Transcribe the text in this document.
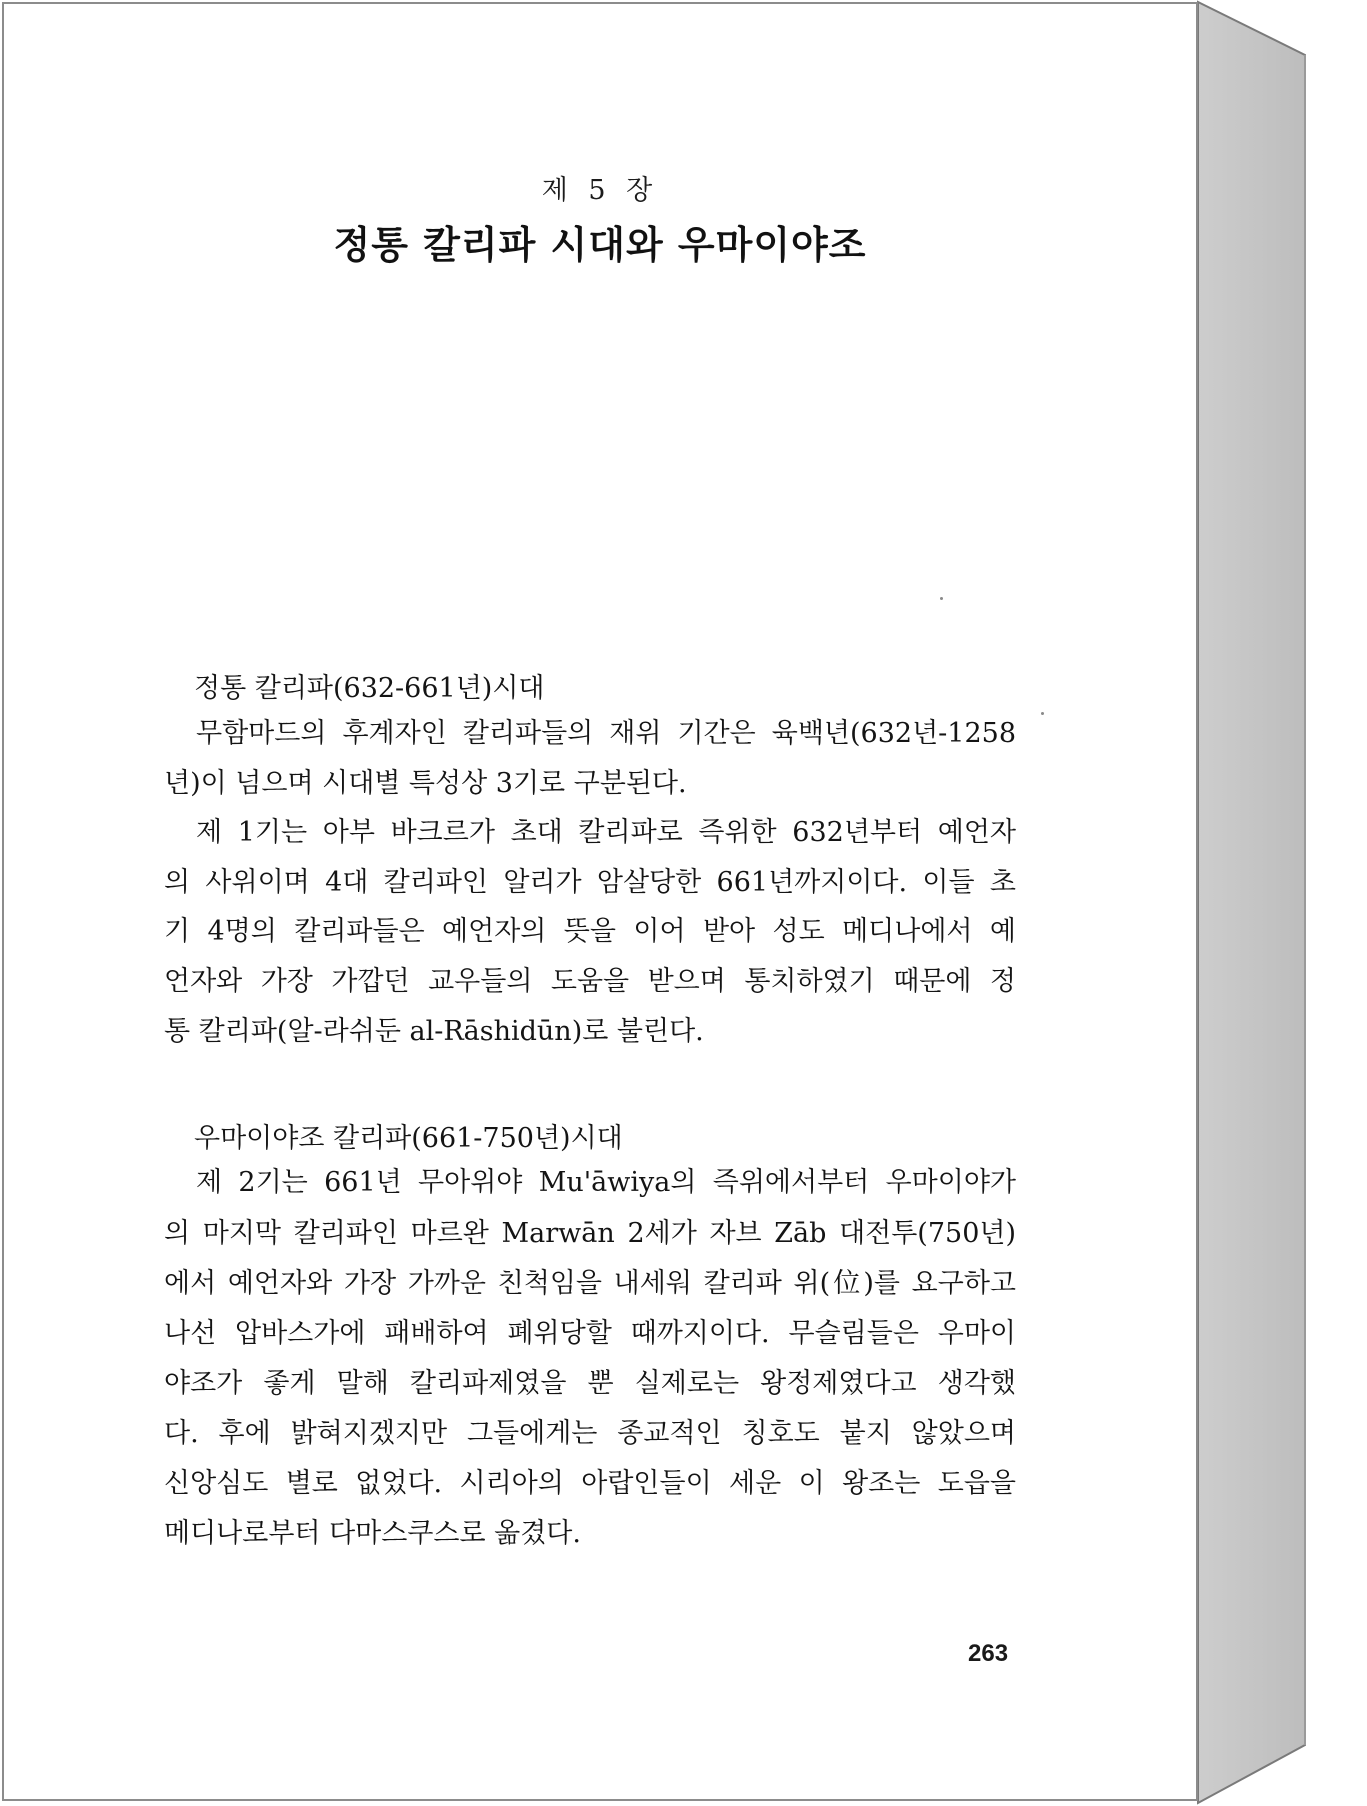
제 5 장
정통 칼리파 시대와 우마이야조
정통 칼리파(632-661년)시대
무함마드의 후계자인 칼리파들의 재위 기간은 육백년(632년-1258
년)이 넘으며 시대별 특성상 3기로 구분된다.
제 1기는 아부 바크르가 초대 칼리파로 즉위한 632년부터 예언자
의 사위이며 4대 칼리파인 알리가 암살당한 661년까지이다. 이들 초
기 4명의 칼리파들은 예언자의 뜻을 이어 받아 성도 메디나에서 예
언자와 가장 가깝던 교우들의 도움을 받으며 통치하였기 때문에 정
통 칼리파(알-라쉬둔 al-Rāshidūn)로 불린다.
우마이야조 칼리파(661-750년)시대
제 2기는 661년 무아위야 Mu'āwiya의 즉위에서부터 우마이야가
의 마지막 칼리파인 마르완 Marwān 2세가 자브 Zāb 대전투(750년)
에서 예언자와 가장 가까운 친척임을 내세워 칼리파 위(位)를 요구하고
나선 압바스가에 패배하여 폐위당할 때까지이다. 무슬림들은 우마이
야조가 좋게 말해 칼리파제였을 뿐 실제로는 왕정제였다고 생각했
다. 후에 밝혀지겠지만 그들에게는 종교적인 칭호도 붙지 않았으며
신앙심도 별로 없었다. 시리아의 아랍인들이 세운 이 왕조는 도읍을
메디나로부터 다마스쿠스로 옮겼다.
263
